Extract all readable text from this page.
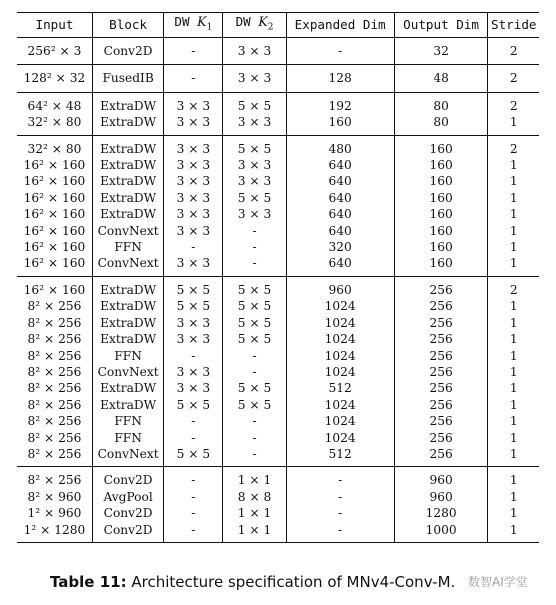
Input	Block	DW $K_1$	DW $K_2$	Expanded Dim	Output Dim	Stride
256² × 3	Conv2D	-	3 × 3	-	32	2
128² × 32	FusedIB	-	3 × 3	128	48	2
64² × 48	ExtraDW	3 × 3	5 × 5	192	80	2
32² × 80	ExtraDW	3 × 3	3 × 3	160	80	1
32² × 80	ExtraDW	3 × 3	5 × 5	480	160	2
16² × 160	ExtraDW	3 × 3	3 × 3	640	160	1
16² × 160	ExtraDW	3 × 3	3 × 3	640	160	1
16² × 160	ExtraDW	3 × 3	5 × 5	640	160	1
16² × 160	ExtraDW	3 × 3	3 × 3	640	160	1
16² × 160	ConvNext	3 × 3	-	640	160	1
16² × 160	FFN	-	-	320	160	1
16² × 160	ConvNext	3 × 3	-	640	160	1
16² × 160	ExtraDW	5 × 5	5 × 5	960	256	2
8² × 256	ExtraDW	5 × 5	5 × 5	1024	256	1
8² × 256	ExtraDW	3 × 3	5 × 5	1024	256	1
8² × 256	ExtraDW	3 × 3	5 × 5	1024	256	1
8² × 256	FFN	-	-	1024	256	1
8² × 256	ConvNext	3 × 3	-	1024	256	1
8² × 256	ExtraDW	3 × 3	5 × 5	512	256	1
8² × 256	ExtraDW	5 × 5	5 × 5	1024	256	1
8² × 256	FFN	-	-	1024	256	1
8² × 256	FFN	-	-	1024	256	1
8² × 256	ConvNext	5 × 5	-	512	256	1
8² × 256	Conv2D	-	1 × 1	-	960	1
8² × 960	AvgPool	-	8 × 8	-	960	1
1² × 960	Conv2D	-	1 × 1	-	1280	1
1² × 1280	Conv2D	-	1 × 1	-	1000	1
Table 11: Architecture specification of MNv4-Conv-M.	数智AI学堂
